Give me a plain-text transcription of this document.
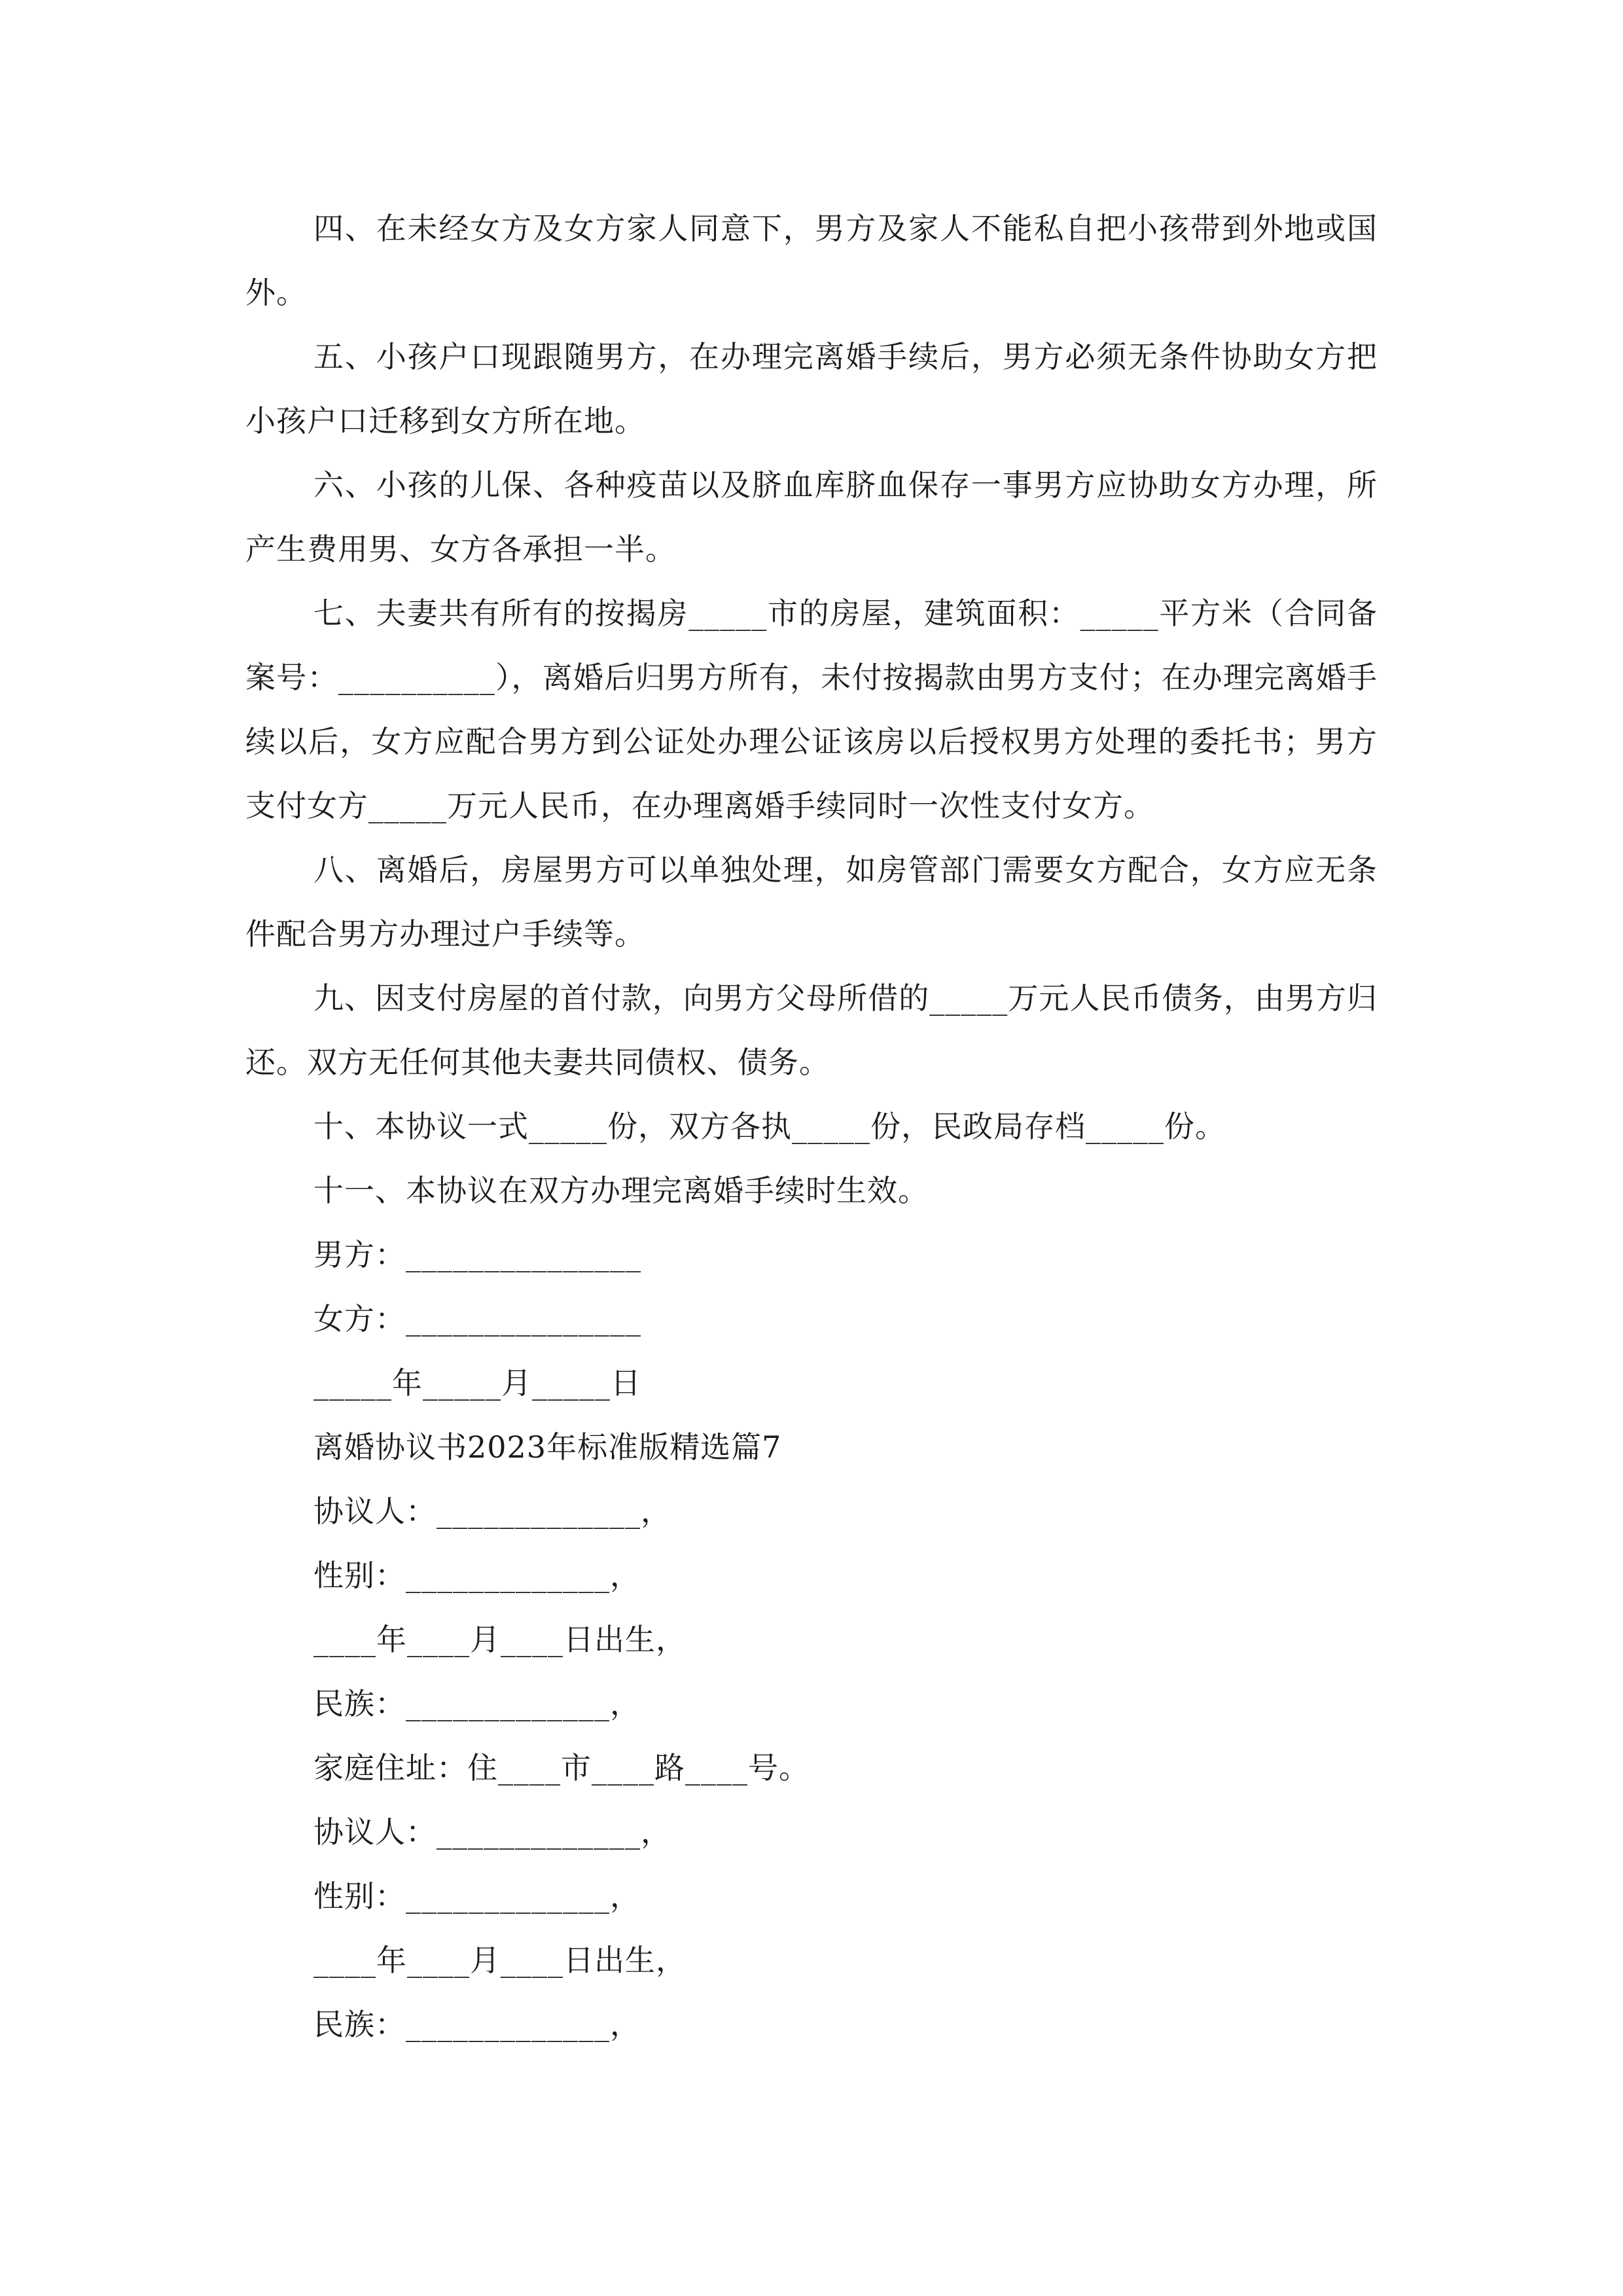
四、在未经女方及女方家人同意下，男方及家人不能私自把小孩带到外地或国外。

五、小孩户口现跟随男方，在办理完离婚手续后，男方必须无条件协助女方把小孩户口迁移到女方所在地。

六、小孩的儿保、各种疫苗以及脐血库脐血保存一事男方应协助女方办理，所产生费用男、女方各承担一半。

七、夫妻共有所有的按揭房_____市的房屋，建筑面积：_____平方米（合同备案号：__________），离婚后归男方所有，未付按揭款由男方支付；在办理完离婚手续以后，女方应配合男方到公证处办理公证该房以后授权男方处理的委托书；男方支付女方_____万元人民币，在办理离婚手续同时一次性支付女方。

八、离婚后，房屋男方可以单独处理，如房管部门需要女方配合，女方应无条件配合男方办理过户手续等。

九、因支付房屋的首付款，向男方父母所借的_____万元人民币债务，由男方归还。双方无任何其他夫妻共同债权、债务。

十、本协议一式_____份，双方各执_____份，民政局存档_____份。

十一、本协议在双方办理完离婚手续时生效。

男方：_______________

女方：_______________

_____年_____月_____日

离婚协议书2023年标准版精选篇7

协议人：_____________，

性别：_____________，

____年____月____日出生，

民族：_____________，

家庭住址：住____市____路____号。

协议人：_____________，

性别：_____________，

____年____月____日出生，

民族：_____________，
